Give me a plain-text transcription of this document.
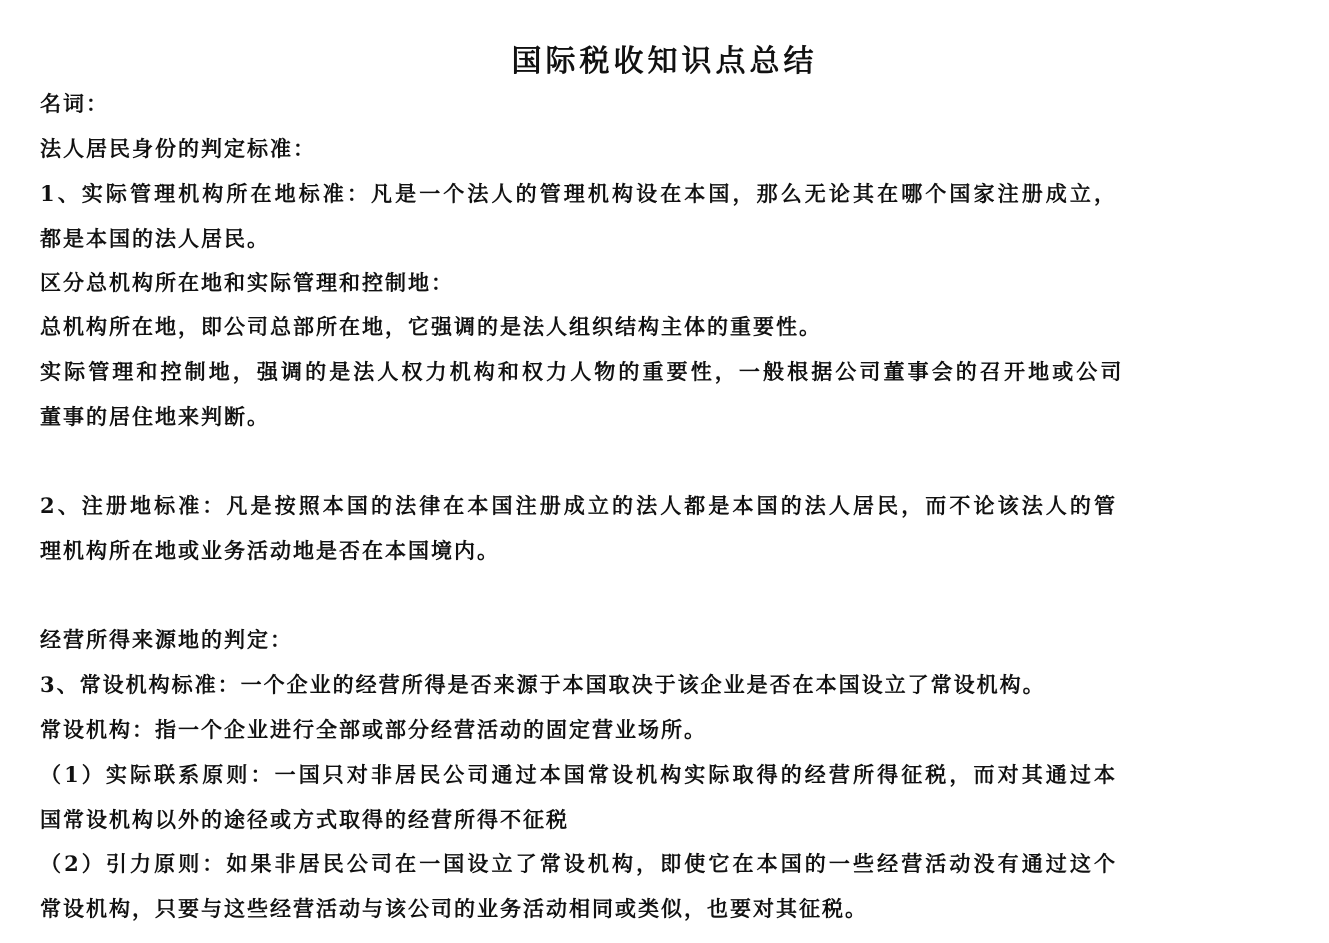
国际税收知识点总结
名词：
法人居民身份的判定标准：
1、实际管理机构所在地标准：凡是一个法人的管理机构设在本国，那么无论其在哪个国家注册成立，
都是本国的法人居民。
区分总机构所在地和实际管理和控制地：
总机构所在地，即公司总部所在地，它强调的是法人组织结构主体的重要性。
实际管理和控制地，强调的是法人权力机构和权力人物的重要性，一般根据公司董事会的召开地或公司
董事的居住地来判断。
2、注册地标准：凡是按照本国的法律在本国注册成立的法人都是本国的法人居民，而不论该法人的管
理机构所在地或业务活动地是否在本国境内。
经营所得来源地的判定：
3、常设机构标准：一个企业的经营所得是否来源于本国取决于该企业是否在本国设立了常设机构。
常设机构：指一个企业进行全部或部分经营活动的固定营业场所。
（1）实际联系原则：一国只对非居民公司通过本国常设机构实际取得的经营所得征税，而对其通过本
国常设机构以外的途径或方式取得的经营所得不征税
（2）引力原则：如果非居民公司在一国设立了常设机构，即使它在本国的一些经营活动没有通过这个
常设机构，只要与这些经营活动与该公司的业务活动相同或类似，也要对其征税。
